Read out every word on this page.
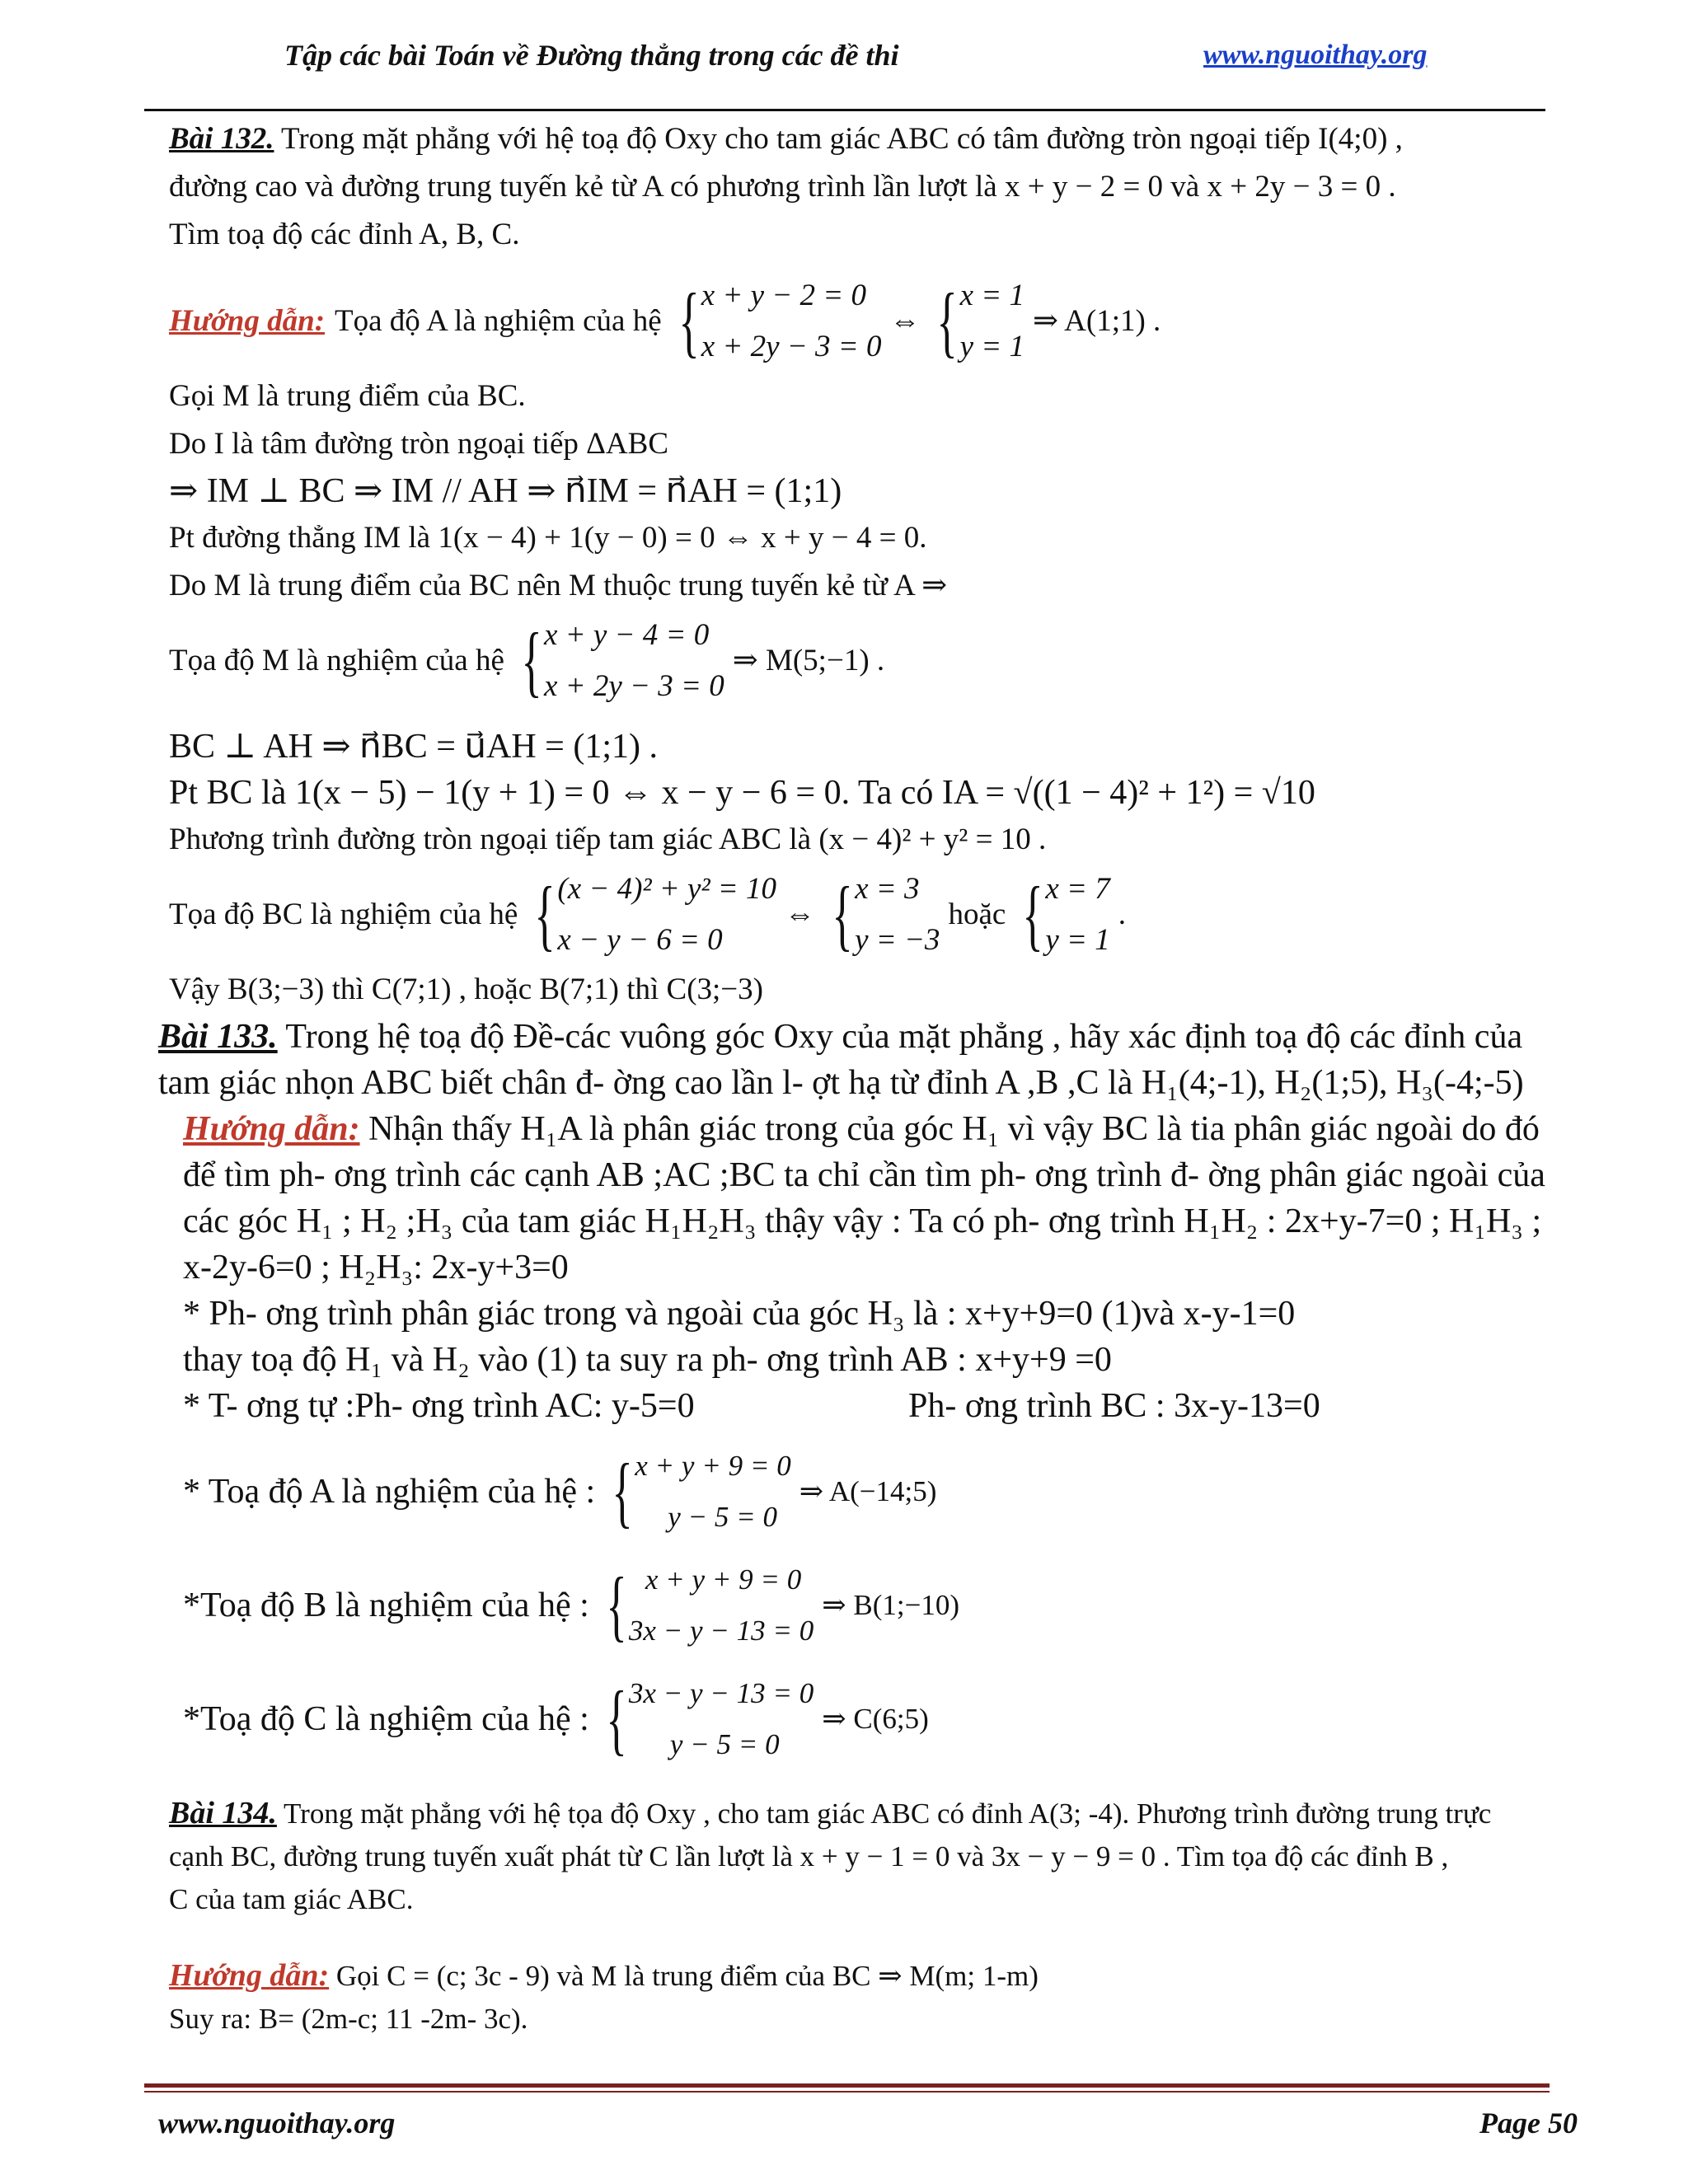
Tập các bài Toán về Đường thẳng trong các đề thi	www.nguoithay.org
Bài 132. Trong mặt phẳng với hệ toạ độ Oxy cho tam giác ABC có tâm đường tròn ngoại tiếp I(4;0) ,
đường cao và đường trung tuyến kẻ từ A có phương trình lần lượt là x + y − 2 = 0 và x + 2y − 3 = 0 .
Tìm toạ độ các đỉnh A, B, C.
Hướng dẫn: Tọa độ A là nghiệm của hệ { x + y − 2 = 0
x + 2y − 3 = 0
⇔ { x = 1
y = 1
⇒ A(1;1) .
Gọi M là trung điểm của BC.
Do I là tâm đường tròn ngoại tiếp ΔABC
⇒ IM ⊥ BC ⇒ IM // AH ⇒ n⃗IM = n⃗AH = (1;1)
Pt đường thẳng IM là 1(x − 4) + 1(y − 0) = 0 ⇔ x + y − 4 = 0.
Do M là trung điểm của BC nên M thuộc trung tuyến kẻ từ A ⇒
Tọa độ M là nghiệm của hệ { x + y − 4 = 0
x + 2y − 3 = 0
⇒ M(5;−1) .
BC ⊥ AH ⇒ n⃗BC = u⃗AH = (1;1) .
Pt BC là 1(x − 5) − 1(y + 1) = 0 ⇔ x − y − 6 = 0. Ta có IA = √((1 − 4)² + 1²) = √10
Phương trình đường tròn ngoại tiếp tam giác ABC là (x − 4)² + y² = 10 .
Tọa độ BC là nghiệm của hệ { (x − 4)² + y² = 10
x − y − 6 = 0
⇔ { x = 3
y = −3
hoặc { x = 7
y = 1
.
Vậy B(3;−3) thì C(7;1) , hoặc B(7;1) thì C(3;−3)
Bài 133. Trong hệ toạ độ Đề-các vuông góc Oxy của mặt phẳng , hãy xác định toạ độ các đỉnh của
tam giác nhọn ABC biết chân đ- ờng cao lần l- ợt hạ từ đỉnh A ,B ,C là H₁(4;-1), H₂(1;5), H₃(-4;-5)
Hướng dẫn: Nhận thấy H₁A là phân giác trong của góc H₁ vì vậy BC là tia phân giác ngoài do đó
để tìm ph- ơng trình các cạnh AB ;AC ;BC ta chỉ cần tìm ph- ơng trình đ- ờng phân giác ngoài của
các góc H₁ ; H₂ ;H₃ của tam giác H₁H₂H₃ thậy vậy : Ta có ph- ơng trình H₁H₂ : 2x+y-7=0 ; H₁H₃ ;
x-2y-6=0 ; H₂H₃: 2x-y+3=0
* Ph- ơng trình phân giác trong và ngoài của góc H₃ là : x+y+9=0 (1)và x-y-1=0
thay toạ độ H₁ và H₂ vào (1) ta suy ra ph- ơng trình AB : x+y+9 =0
* T- ơng tự :Ph- ơng trình AC: y-5=0	Ph- ơng trình BC : 3x-y-13=0
* Toạ độ A là nghiệm của hệ : { x + y + 9 = 0
y − 5 = 0
⇒ A(−14;5)
*Toạ độ B là nghiệm của hệ : { x + y + 9 = 0
3x − y − 13 = 0
⇒ B(1;−10)
*Toạ độ C là nghiệm của hệ : { 3x − y − 13 = 0
y − 5 = 0
⇒ C(6;5)
Bài 134. Trong mặt phẳng với hệ tọa độ Oxy , cho tam giác ABC có đỉnh A(3; -4). Phương trình đường trung trực
cạnh BC, đường trung tuyến xuất phát từ C lần lượt là x + y − 1 = 0 và 3x − y − 9 = 0 . Tìm tọa độ các đỉnh B ,
C của tam giác ABC.
Hướng dẫn: Gọi C = (c; 3c - 9) và M là trung điểm của BC ⇒ M(m; 1-m)
Suy ra: B= (2m-c; 11 -2m- 3c).
www.nguoithay.org	Page 50
